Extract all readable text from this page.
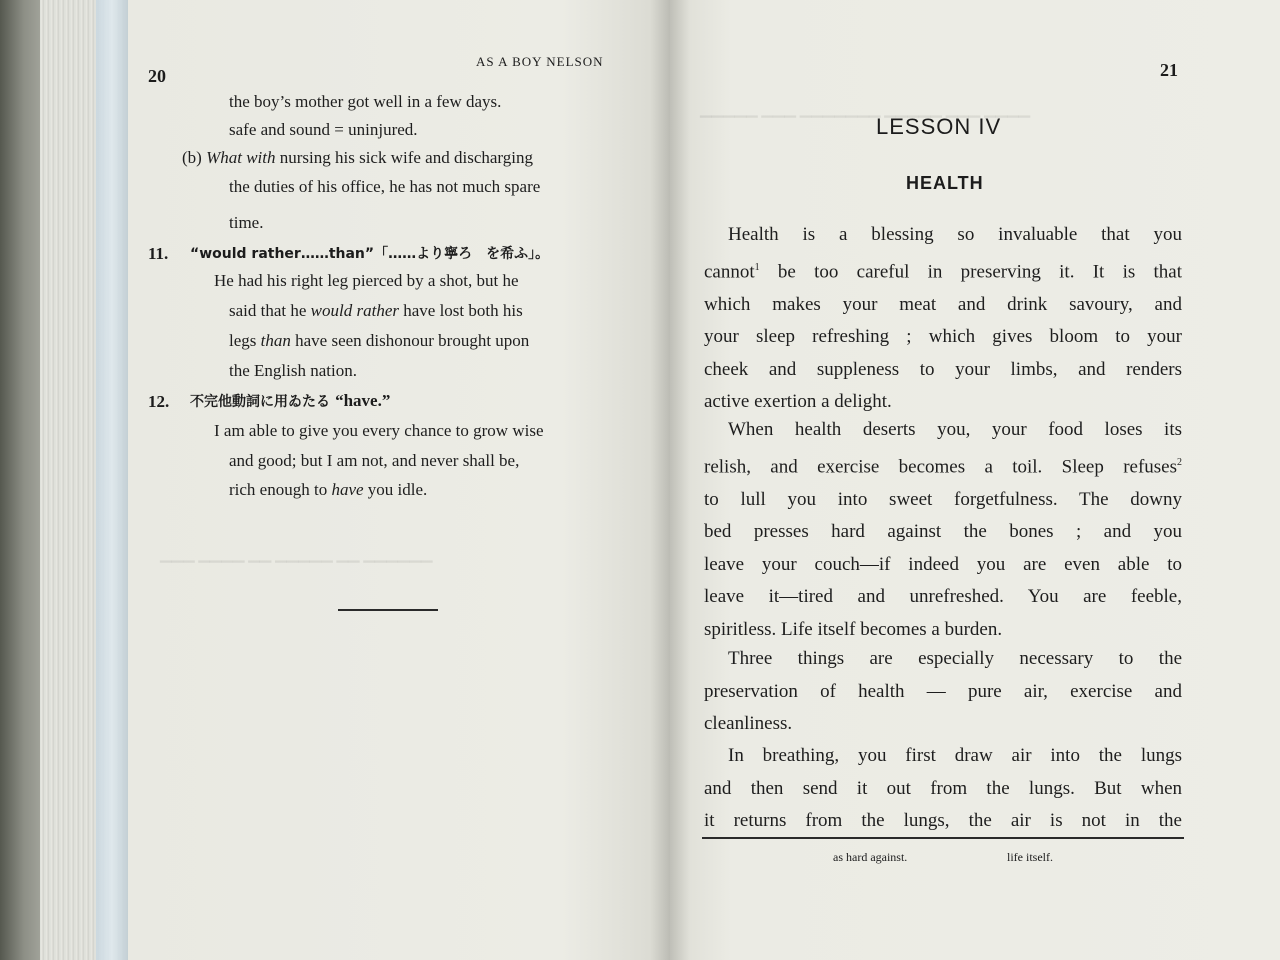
▁▁▁ ▁▁▁▁ ▁▁ ▁▁▁▁▁ ▁▁ ▁▁▁▁▁▁
▁▁▁▁▁ ▁▁▁ ▁▁▁▁▁▁▁ ▁▁▁▁▁ ▁▁▁ ▁▁▁▁
20
AS A BOY NELSON
the boy’s mother got well in a few days.
safe and sound = uninjured.
(b) What with nursing his sick wife and discharging
the duties of his office, he has not much spare
time.
11. “would rather……than”「……より寧ろ　を希ふ」。
He had his right leg pierced by a shot, but he
said that he would rather have lost both his
legs than have seen dishonour brought upon
the English nation.
12. 不完他動詞に用ゐたる “have.”
I am able to give you every chance to grow wise
and good; but I am not, and never shall be,
rich enough to have you idle.
21
LESSON IV
HEALTH
Health is a blessing so invaluable that you
cannot$^1$ be too careful in preserving it. It is that
which makes your meat and drink savoury, and
your sleep refreshing ; which gives bloom to your
cheek and suppleness to your limbs, and renders
active exertion a delight.
When health deserts you, your food loses its
relish, and exercise becomes a toil. Sleep refuses$^2$
to lull you into sweet forgetfulness. The downy
bed presses hard against the bones ; and you
leave your couch—if indeed you are even able to
leave it—tired and unrefreshed. You are feeble,
spiritless. Life itself becomes a burden.
Three things are especially necessary to the
preservation of health — pure air, exercise and
cleanliness.
In breathing, you first draw air into the lungs
and then send it out from the lungs. But when
it returns from the lungs, the air is not in the
as hard against.	life itself.
